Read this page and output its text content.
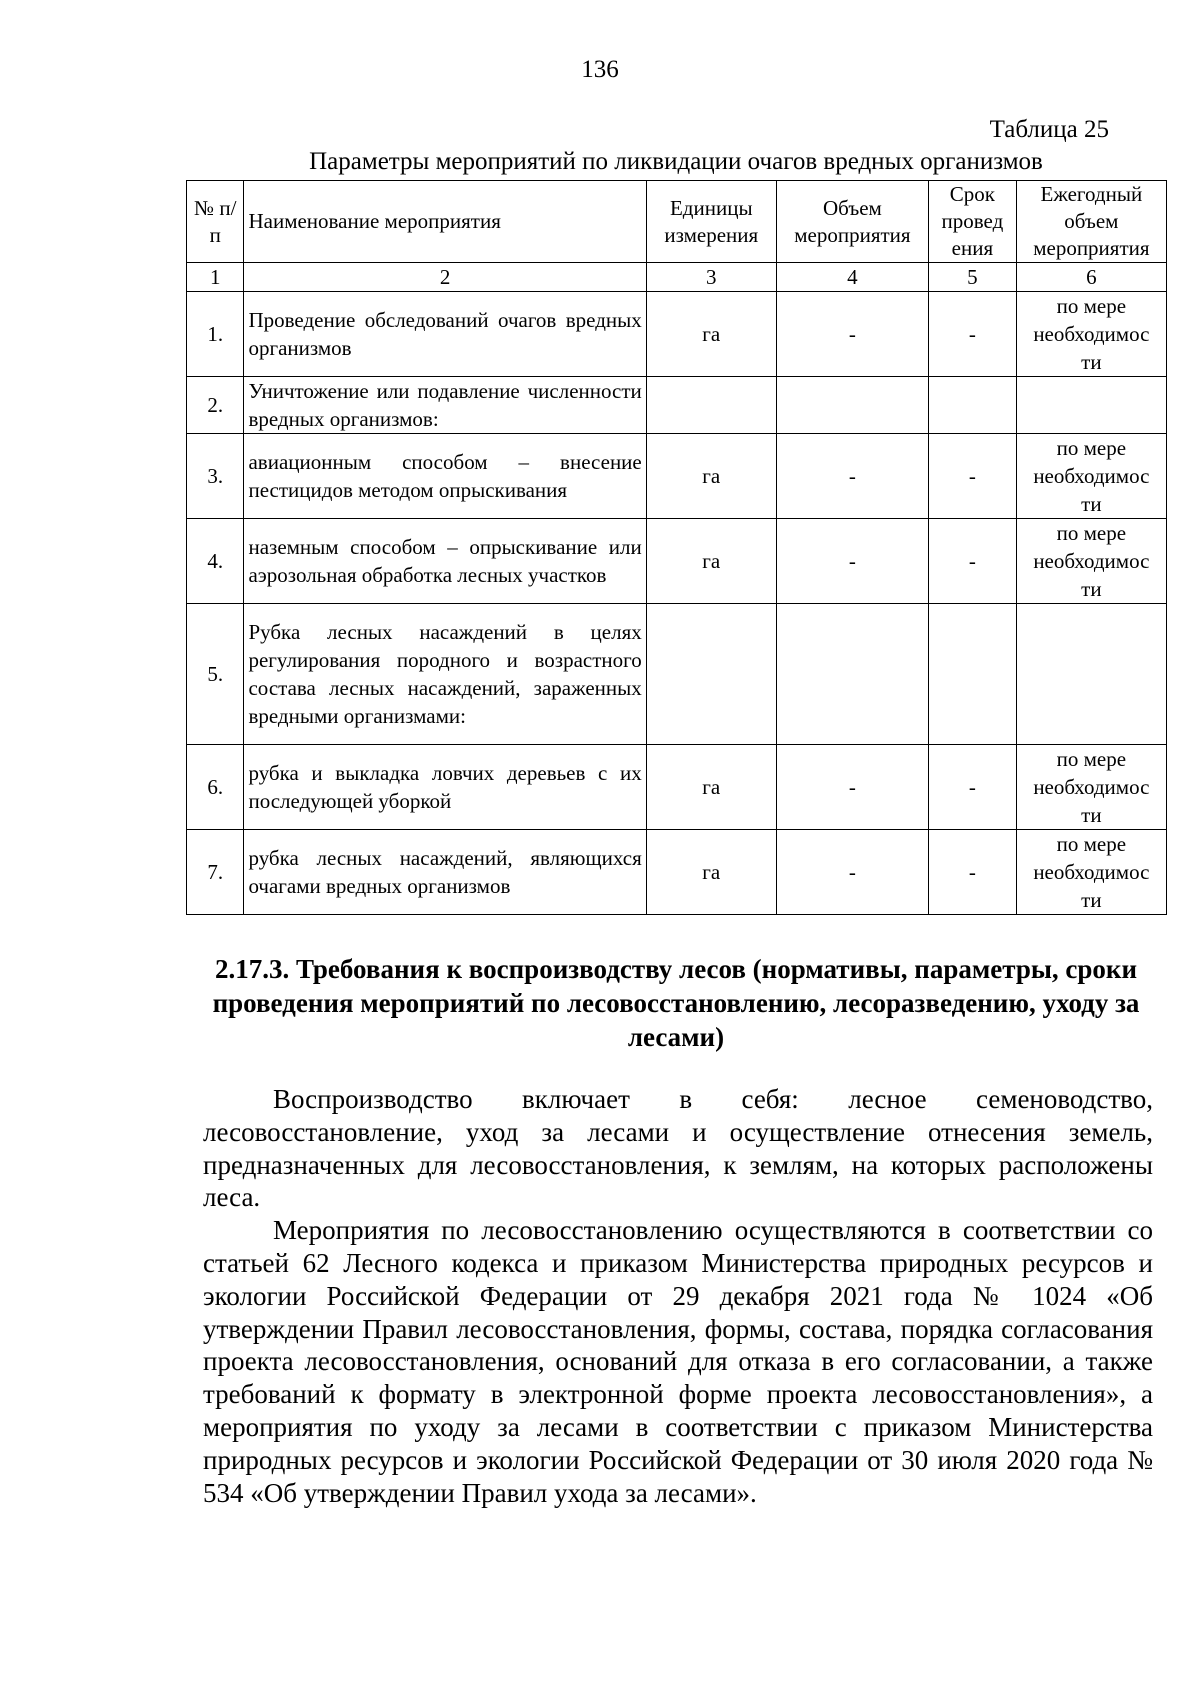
136
Таблица 25
Параметры мероприятий по ликвидации очагов вредных организмов
№ п/п	Наименование мероприятия	Единицы измерения	Объем мероприятия	Срок провед ения	Ежегодный объем мероприятия
1	2	3	4	5	6
1.	Проведение обследований очагов вредных организмов	га	-	-	по мере необходимос ти
2.	Уничтожение или подавление численности вредных организмов:				
3.	авиационным способом – внесение пестицидов методом опрыскивания	га	-	-	по мере необходимос ти
4.	наземным способом – опрыскивание или аэрозольная обработка лесных участков	га	-	-	по мере необходимос ти
5.	Рубка лесных насаждений в целях регулирования породного и возрастного состава лесных насаждений, зараженных вредными организмами:				
6.	рубка и выкладка ловчих деревьев с их последующей уборкой	га	-	-	по мере необходимос ти
7.	рубка лесных насаждений, являющихся очагами вредных организмов	га	-	-	по мере необходимос ти
2.17.3. Требования к воспроизводству лесов (нормативы, параметры, сроки проведения мероприятий по лесовосстановлению, лесоразведению, уходу за лесами)

Воспроизводство включает в себя: лесное семеноводство, лесовосстановление, уход за лесами и осуществление отнесения земель, предназначенных для лесовосстановления, к землям, на которых расположены леса.

Мероприятия по лесовосстановлению осуществляются в соответствии со статьей 62 Лесного кодекса и приказом Министерства природных ресурсов и экологии Российской Федерации от 29 декабря 2021 года № 1024 «Об утверждении Правил лесовосстановления, формы, состава, порядка согласования проекта лесовосстановления, оснований для отказа в его согласовании, а также требований к формату в электронной форме проекта лесовосстановления», а мероприятия по уходу за лесами в соответствии с приказом Министерства природных ресурсов и экологии Российской Федерации от 30 июля 2020 года № 534 «Об утверждении Правил ухода за лесами».
